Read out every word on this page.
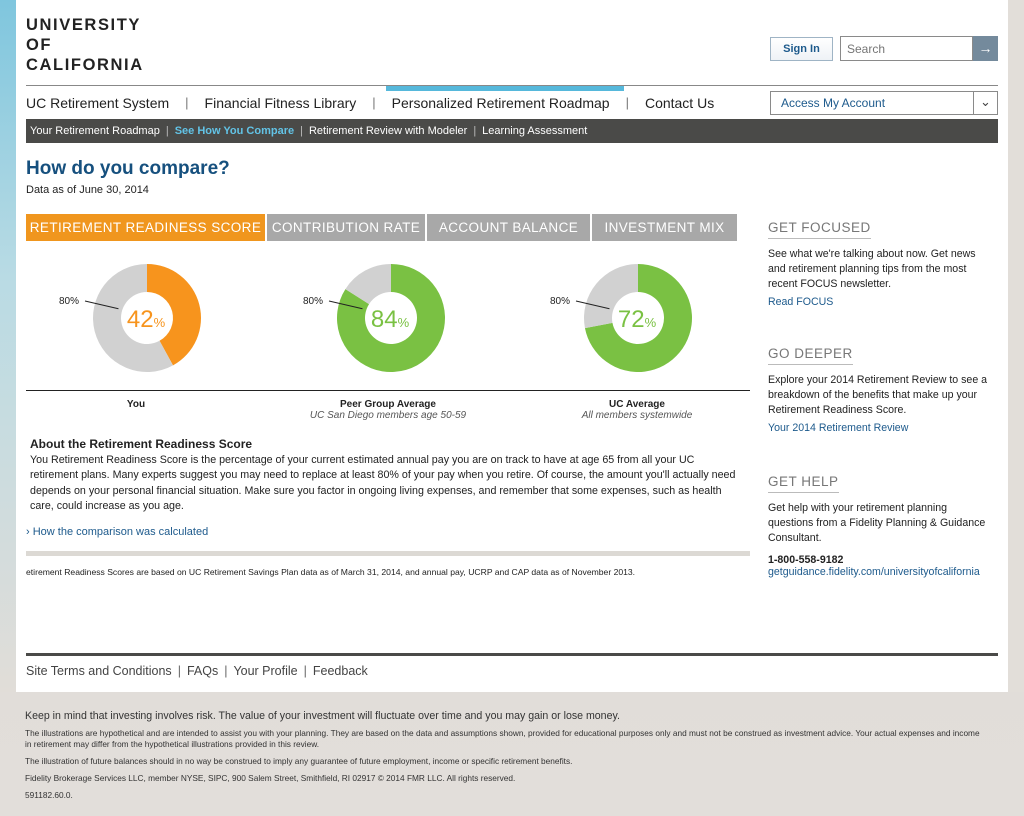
UNIVERSITY
OF
CALIFORNIA
Sign In
Search	→
UC Retirement System	|	Financial Fitness Library	|	Personalized Retirement Roadmap	|	Contact Us	Access My Account	⌄
Your Retirement Roadmap | See How You Compare | Retirement Review with Modeler | Learning Assessment
How do you compare?
Data as of June 30, 2014
RETIREMENT READINESS SCORE CONTRIBUTION RATE	ACCOUNT BALANCE	INVESTMENT MIX
80%
42%
80%
84%
80%
72%
You	Peer Group Average
UC San Diego members age 50-59
UC Average
All members systemwide
About the Retirement Readiness Score
You Retirement Readiness Score is the percentage of your current estimated annual pay you are on track to have at age 65 from all your UC retirement plans. Many experts suggest you may need to replace at least 80% of your pay when you retire. Of course, the amount you'll actually need depends on your personal financial situation. Make sure you factor in ongoing living expenses, and remember that some expenses, such as health care, could increase as you age.
› How the comparison was calculated
etirement Readiness Scores are based on UC Retirement Savings Plan data as of March 31, 2014, and annual pay, UCRP and CAP data as of November 2013.
GET FOCUSED

See what we're talking about now. Get news and retirement planning tips from the most recent FOCUS newsletter.

Read FOCUS
GO DEEPER

Explore your 2014 Retirement Review to see a breakdown of the benefits that make up your Retirement Readiness Score.

Your 2014 Retirement Review
GET HELP

Get help with your retirement planning questions from a Fidelity Planning & Guidance Consultant.

1-800-558-9182
getguidance.fidelity.com/universityofcalifornia
Site Terms and Conditions | FAQs | Your Profile | Feedback
Keep in mind that investing involves risk. The value of your investment will fluctuate over time and you may gain or lose money.
The illustrations are hypothetical and are intended to assist you with your planning. They are based on the data and assumptions shown, provided for educational purposes only and must not be construed as investment advice. Your actual expenses and income in retirement may differ from the hypothetical illustrations provided in this review.
The illustration of future balances should in no way be construed to imply any guarantee of future employment, income or specific retirement benefits.
Fidelity Brokerage Services LLC, member NYSE, SIPC, 900 Salem Street, Smithfield, RI 02917 © 2014 FMR LLC. All rights reserved.
591182.60.0.
